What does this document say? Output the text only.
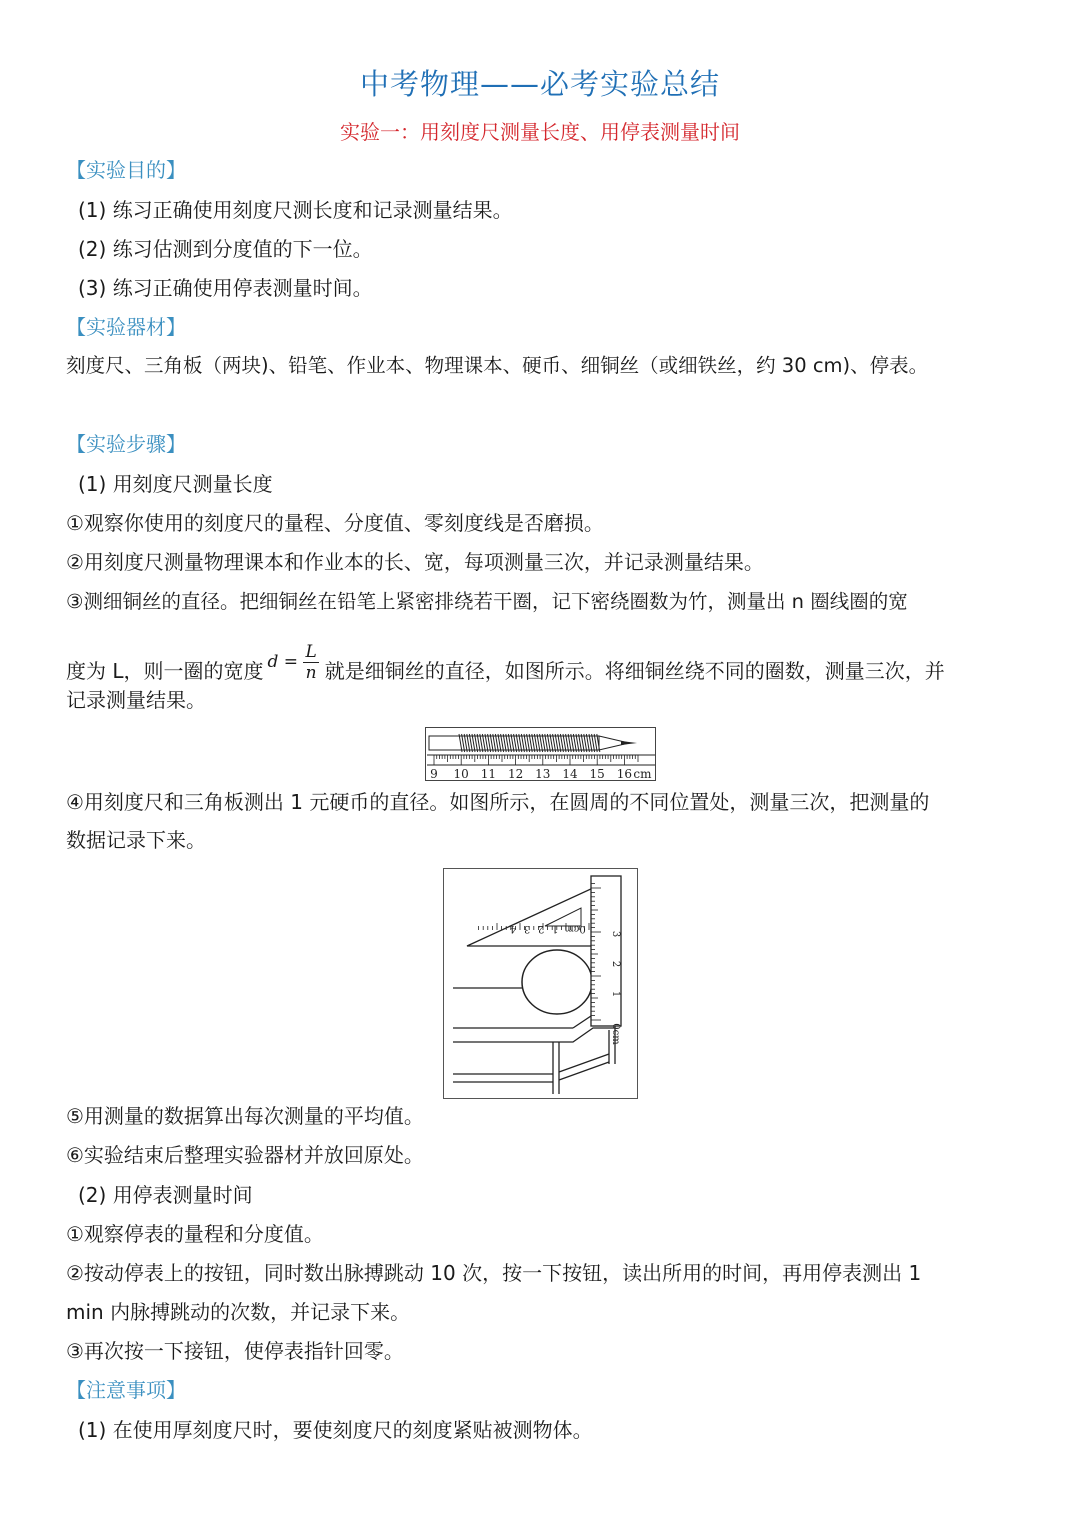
中考物理——必考实验总结
实验一：用刻度尺测量长度、用停表测量时间
【实验目的】
(1) 练习正确使用刻度尺测长度和记录测量结果。
(2) 练习估测到分度值的下一位。
(3) 练习正确使用停表测量时间。
【实验器材】
刻度尺、三角板（两块)、铅笔、作业本、物理课本、硬币、细铜丝（或细铁丝，约 30 cm)、停表。
【实验步骤】
(1) 用刻度尺测量长度
①观察你使用的刻度尺的量程、分度值、零刻度线是否磨损。
②用刻度尺测量物理课本和作业本的长、宽，每项测量三次，并记录测量结果。
③测细铜丝的直径。把细铜丝在铅笔上紧密排绕若干圈，记下密绕圈数为竹，测量出 n 圈线圈的宽
度为 L，则一圈的宽度 $d = \frac{L}{n}$ 就是细铜丝的直径，如图所示。将细铜丝绕不同的圈数，测量三次，并
记录测量结果。
9 10 11 12 13 14 15 16 cm
④用刻度尺和三角板测出 1 元硬币的直径。如图所示，在圆周的不同位置处，测量三次，把测量的
数据记录下来。
4 3 2 1 0cm 3
2
1
0cm
⑤用测量的数据算出每次测量的平均值。
⑥实验结束后整理实验器材并放回原处。
(2) 用停表测量时间
①观察停表的量程和分度值。
②按动停表上的按钮，同时数出脉搏跳动 10 次，按一下按钮，读出所用的时间，再用停表测出 1
min 内脉搏跳动的次数，并记录下来。
③再次按一下接钮，使停表指针回零。
【注意事项】
(1) 在使用厚刻度尺时，要使刻度尺的刻度紧贴被测物体。
